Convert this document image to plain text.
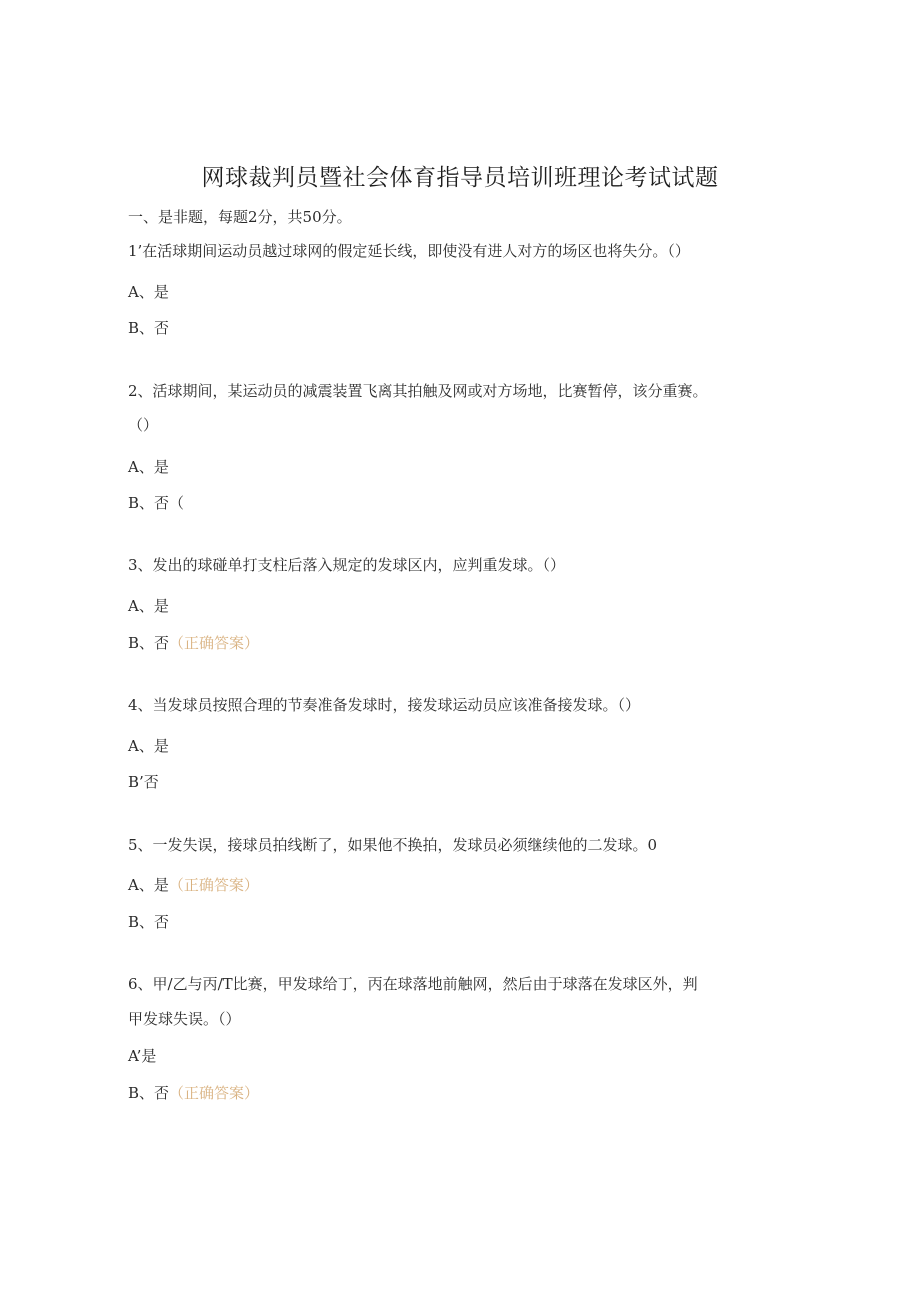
网球裁判员暨社会体育指导员培训班理论考试试题
一、是非题，每题2分，共50分。
1’在活球期间运动员越过球网的假定延长线，即使没有进人对方的场区也将失分。（）
A、是
B、否
2、活球期间，某运动员的减震装置飞离其拍触及网或对方场地，比赛暂停，该分重赛。
（）
A、是
B、否（
3、发出的球碰单打支柱后落入规定的发球区内，应判重发球。（）
A、是
B、否（正确答案）
4、当发球员按照合理的节奏准备发球时，接发球运动员应该准备接发球。（）
A、是
B’否
5、一发失误，接球员拍线断了，如果他不换拍，发球员必须继续他的二发球。0
A、是（正确答案）
B、否
6、甲/乙与丙/T比赛，甲发球给丁，丙在球落地前触网，然后由于球落在发球区外，判
甲发球失误。（）
A’是
B、否（正确答案）
